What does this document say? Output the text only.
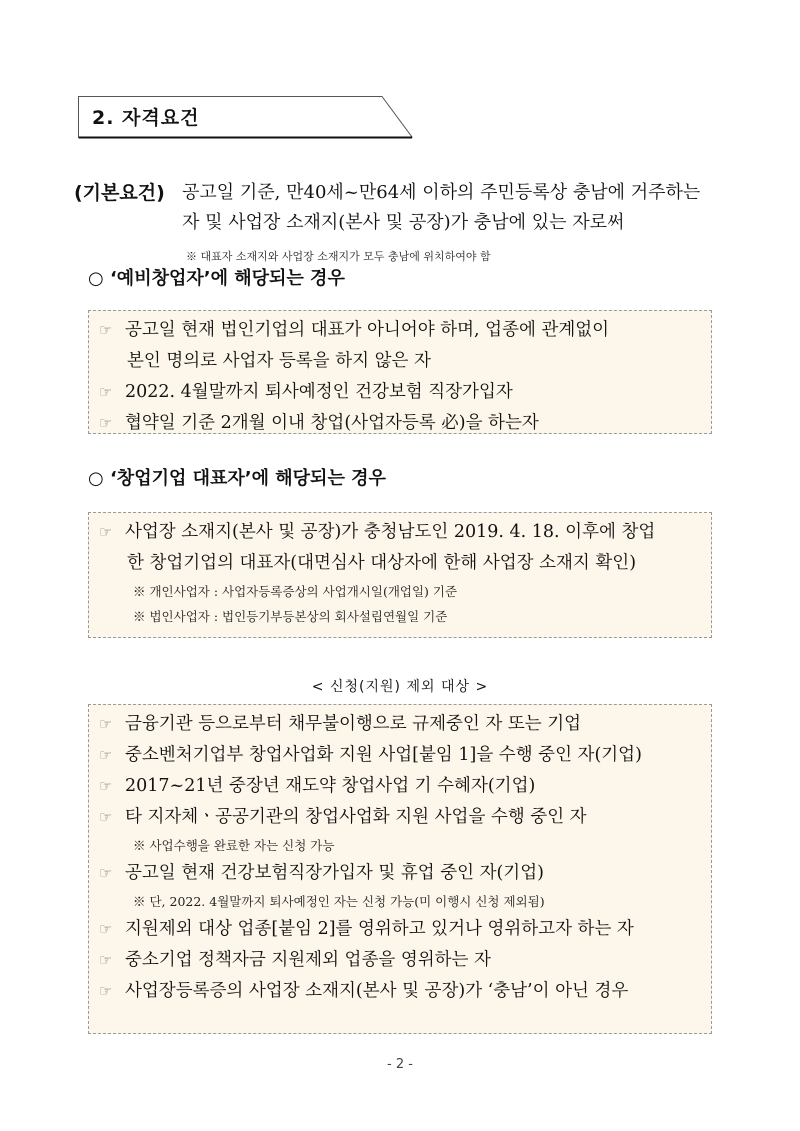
2. 자격요건
(기본요건) 공고일 기준, 만40세~만64세 이하의 주민등록상 충남에 거주하는
자 및 사업장 소재지(본사 및 공장)가 충남에 있는 자로써
※ 대표자 소재지와 사업장 소재지가 모두 충남에 위치하여야 함
○ ‘예비창업자’에 해당되는 경우
☞ 공고일 현재 법인기업의 대표가 아니어야 하며, 업종에 관계없이
본인 명의로 사업자 등록을 하지 않은 자
☞ 2022. 4월말까지 퇴사예정인 건강보험 직장가입자
☞ 협약일 기준 2개월 이내 창업(사업자등록 必)을 하는자
○ ‘창업기업 대표자’에 해당되는 경우
☞ 사업장 소재지(본사 및 공장)가 충청남도인 2019. 4. 18. 이후에 창업
한 창업기업의 대표자(대면심사 대상자에 한해 사업장 소재지 확인)
※ 개인사업자 : 사업자등록증상의 사업개시일(개업일) 기준
※ 법인사업자 : 법인등기부등본상의 회사설립연월일 기준
< 신청(지원) 제외 대상 >
☞ 금융기관 등으로부터 채무불이행으로 규제중인 자 또는 기업
☞ 중소벤처기업부 창업사업화 지원 사업[붙임 1]을 수행 중인 자(기업)
☞ 2017~21년 중장년 재도약 창업사업 기 수혜자(기업)
☞ 타 지자체ㆍ공공기관의 창업사업화 지원 사업을 수행 중인 자
※ 사업수행을 완료한 자는 신청 가능
☞ 공고일 현재 건강보험직장가입자 및 휴업 중인 자(기업)
※ 단, 2022. 4월말까지 퇴사예정인 자는 신청 가능(미 이행시 신청 제외됨)
☞ 지원제외 대상 업종[붙임 2]를 영위하고 있거나 영위하고자 하는 자
☞ 중소기업 정책자금 지원제외 업종을 영위하는 자
☞ 사업장등록증의 사업장 소재지(본사 및 공장)가 ‘충남’이 아닌 경우
- 2 -
